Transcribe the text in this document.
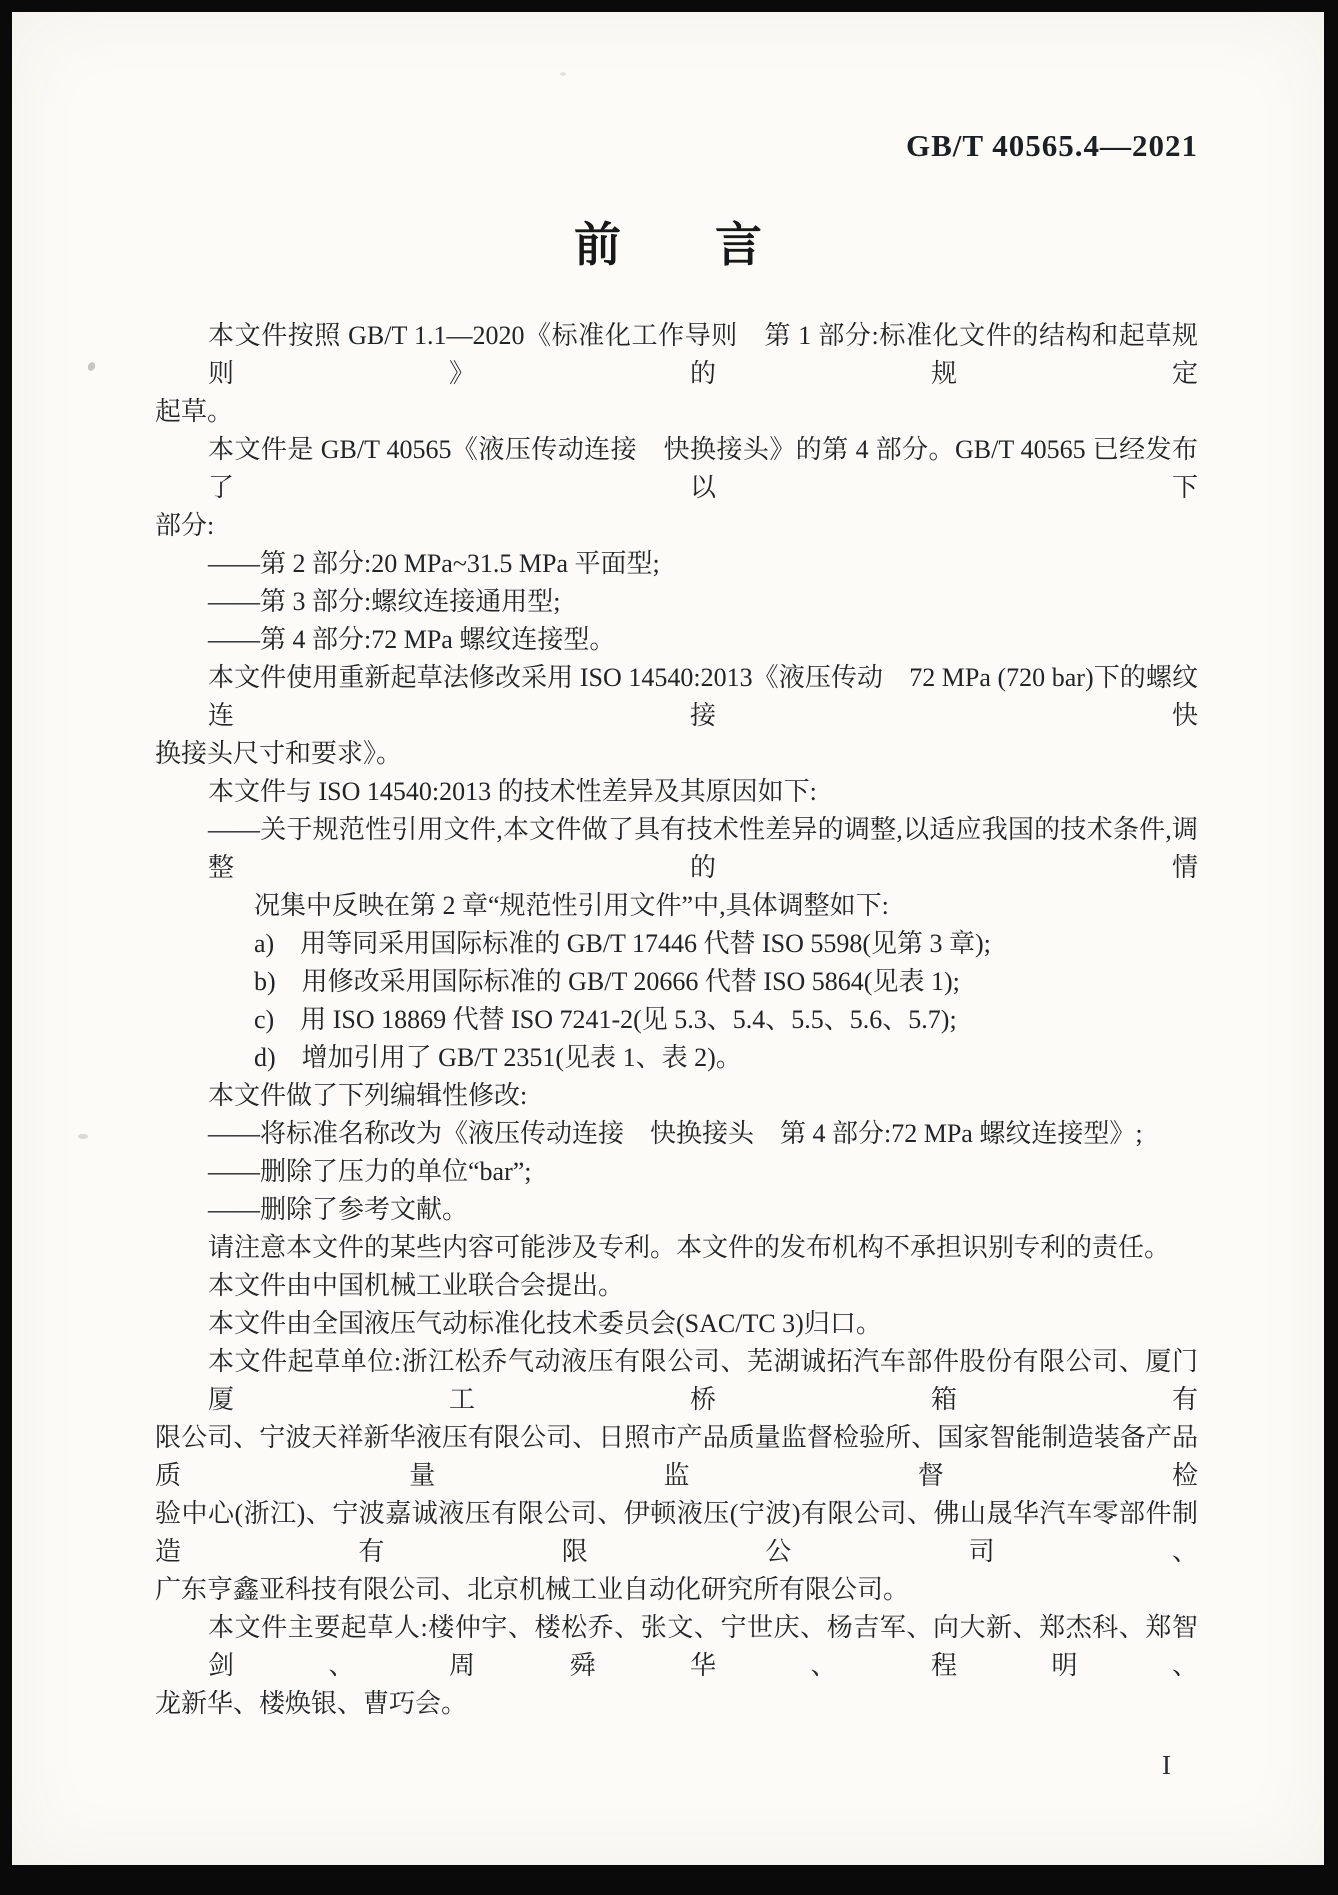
GB/T 40565.4—2021
前　　言
本文件按照 GB/T 1.1—2020《标准化工作导则　第 1 部分:标准化文件的结构和起草规则》的规定
起草。
本文件是 GB/T 40565《液压传动连接　快换接头》的第 4 部分。GB/T 40565 已经发布了以下
部分:
——第 2 部分:20 MPa~31.5 MPa 平面型;
——第 3 部分:螺纹连接通用型;
——第 4 部分:72 MPa 螺纹连接型。
本文件使用重新起草法修改采用 ISO 14540:2013《液压传动　72 MPa (720 bar)下的螺纹连接快
换接头尺寸和要求》。
本文件与 ISO 14540:2013 的技术性差异及其原因如下:
——关于规范性引用文件,本文件做了具有技术性差异的调整,以适应我国的技术条件,调整的情
况集中反映在第 2 章“规范性引用文件”中,具体调整如下:
a)　用等同采用国际标准的 GB/T 17446 代替 ISO 5598(见第 3 章);
b)　用修改采用国际标准的 GB/T 20666 代替 ISO 5864(见表 1);
c)　用 ISO 18869 代替 ISO 7241-2(见 5.3、5.4、5.5、5.6、5.7);
d)　增加引用了 GB/T 2351(见表 1、表 2)。
本文件做了下列编辑性修改:
——将标准名称改为《液压传动连接　快换接头　第 4 部分:72 MPa 螺纹连接型》;
——删除了压力的单位“bar”;
——删除了参考文献。
请注意本文件的某些内容可能涉及专利。本文件的发布机构不承担识别专利的责任。
本文件由中国机械工业联合会提出。
本文件由全国液压气动标准化技术委员会(SAC/TC 3)归口。
本文件起草单位:浙江松乔气动液压有限公司、芜湖诚拓汽车部件股份有限公司、厦门厦工桥箱有
限公司、宁波天祥新华液压有限公司、日照市产品质量监督检验所、国家智能制造装备产品质量监督检
验中心(浙江)、宁波嘉诚液压有限公司、伊顿液压(宁波)有限公司、佛山晟华汽车零部件制造有限公司、
广东亨鑫亚科技有限公司、北京机械工业自动化研究所有限公司。
本文件主要起草人:楼仲宇、楼松乔、张文、宁世庆、杨吉军、向大新、郑杰科、郑智剑、周舜华、程明、
龙新华、楼焕银、曹巧会。
I
